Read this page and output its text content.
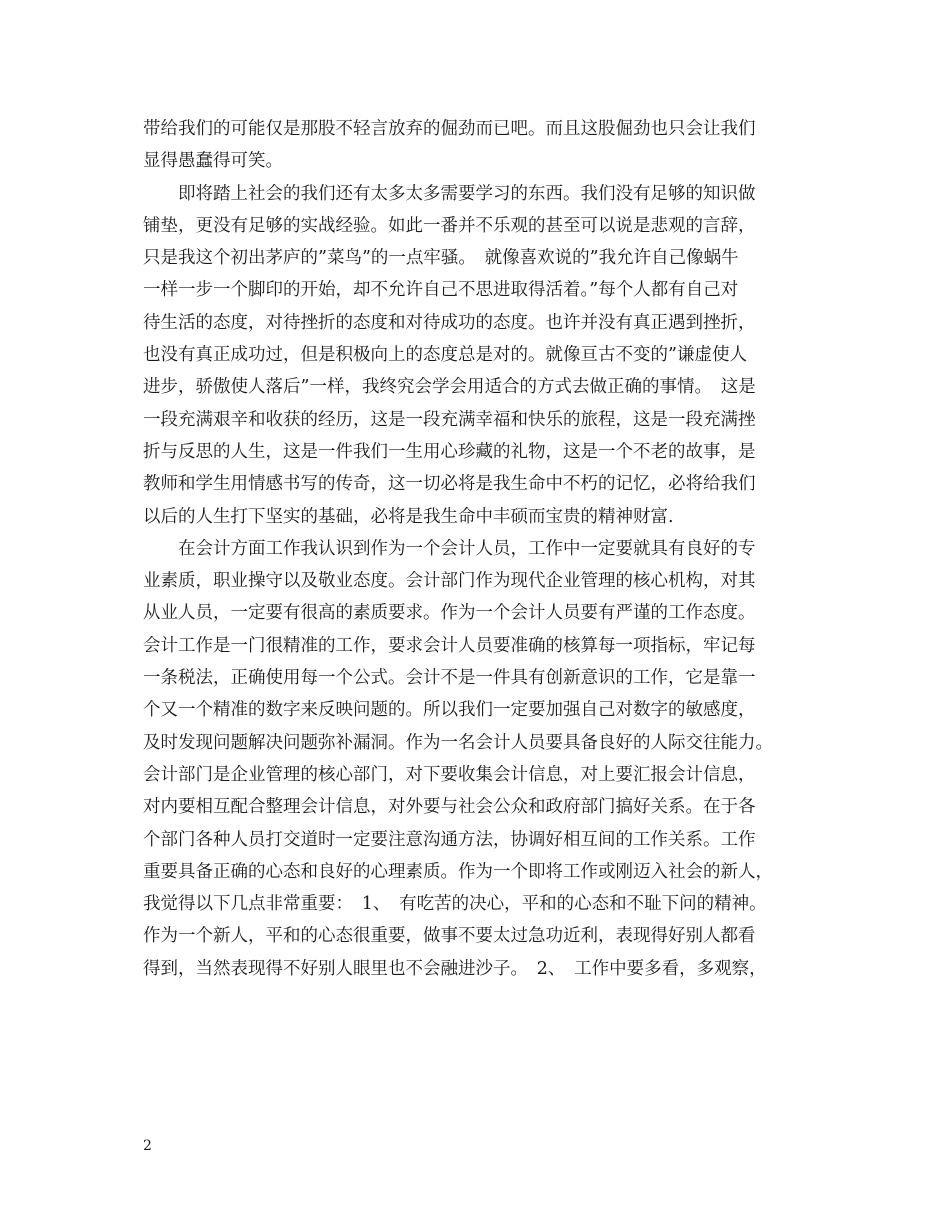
带给我们的可能仅是那股不轻言放弃的倔劲而已吧。而且这股倔劲也只会让我们
显得愚蠢得可笑。
　　即将踏上社会的我们还有太多太多需要学习的东西。我们没有足够的知识做
铺垫，更没有足够的实战经验。如此一番并不乐观的甚至可以说是悲观的言辞，
只是我这个初出茅庐的”菜鸟”的一点牢骚。　就像喜欢说的”我允许自己像蜗牛
一样一步一个脚印的开始，却不允许自己不思进取得活着。”每个人都有自己对
待生活的态度，对待挫折的态度和对待成功的态度。也许并没有真正遇到挫折，
也没有真正成功过，但是积极向上的态度总是对的。就像亘古不变的”谦虚使人
进步，骄傲使人落后”一样，我终究会学会用适合的方式去做正确的事情。　这是
一段充满艰辛和收获的经历，这是一段充满幸福和快乐的旅程，这是一段充满挫
折与反思的人生，这是一件我们一生用心珍藏的礼物，这是一个不老的故事，是
教师和学生用情感书写的传奇，这一切必将是我生命中不朽的记忆，必将给我们
以后的人生打下坚实的基础，必将是我生命中丰硕而宝贵的精神财富.
　　在会计方面工作我认识到作为一个会计人员，工作中一定要就具有良好的专
业素质，职业操守以及敬业态度。会计部门作为现代企业管理的核心机构，对其
从业人员，一定要有很高的素质要求。作为一个会计人员要有严谨的工作态度。
会计工作是一门很精准的工作，要求会计人员要准确的核算每一项指标，牢记每
一条税法，正确使用每一个公式。会计不是一件具有创新意识的工作，它是靠一
个又一个精准的数字来反映问题的。所以我们一定要加强自己对数字的敏感度，
及时发现问题解决问题弥补漏洞。作为一名会计人员要具备良好的人际交往能力。
会计部门是企业管理的核心部门，对下要收集会计信息，对上要汇报会计信息，
对内要相互配合整理会计信息，对外要与社会公众和政府部门搞好关系。在于各
个部门各种人员打交道时一定要注意沟通方法，协调好相互间的工作关系。工作
重要具备正确的心态和良好的心理素质。作为一个即将工作或刚迈入社会的新人，
我觉得以下几点非常重要：　1、　有吃苦的决心，平和的心态和不耻下问的精神。
作为一个新人，平和的心态很重要，做事不要太过急功近利，表现得好别人都看
得到，当然表现得不好别人眼里也不会融进沙子。　2、　工作中要多看，多观察，
2
